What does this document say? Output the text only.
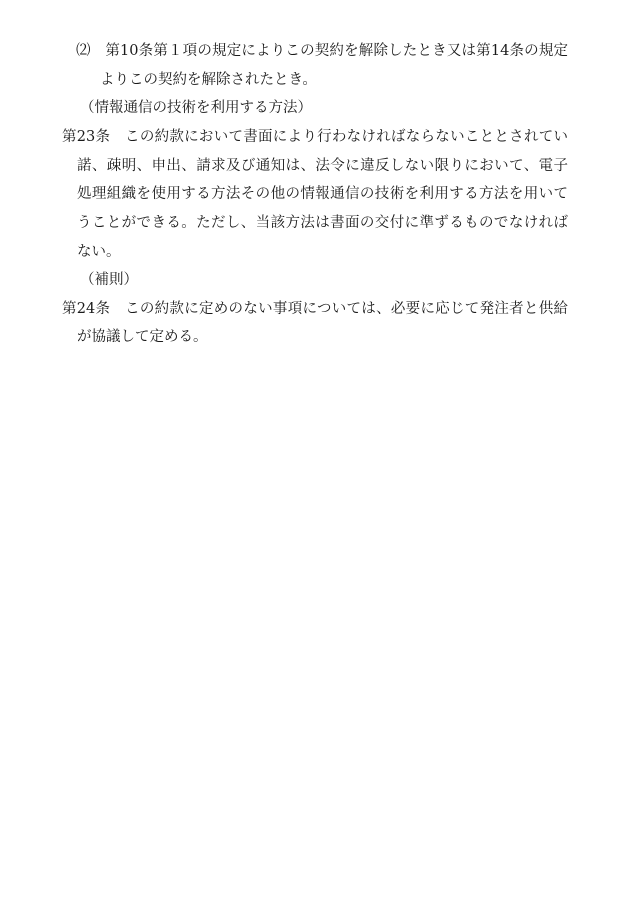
⑵　第10条第１項の規定によりこの契約を解除したとき又は第14条の規定
よりこの契約を解除されたとき。
（情報通信の技術を利用する方法）
第23条　この約款において書面により行わなければならないこととされてい
諾、疎明、申出、請求及び通知は、法令に違反しない限りにおいて、電子
処理組織を使用する方法その他の情報通信の技術を利用する方法を用いて
うことができる。ただし、当該方法は書面の交付に準ずるものでなければ
ない。
（補則）
第24条　この約款に定めのない事項については、必要に応じて発注者と供給
が協議して定める。
